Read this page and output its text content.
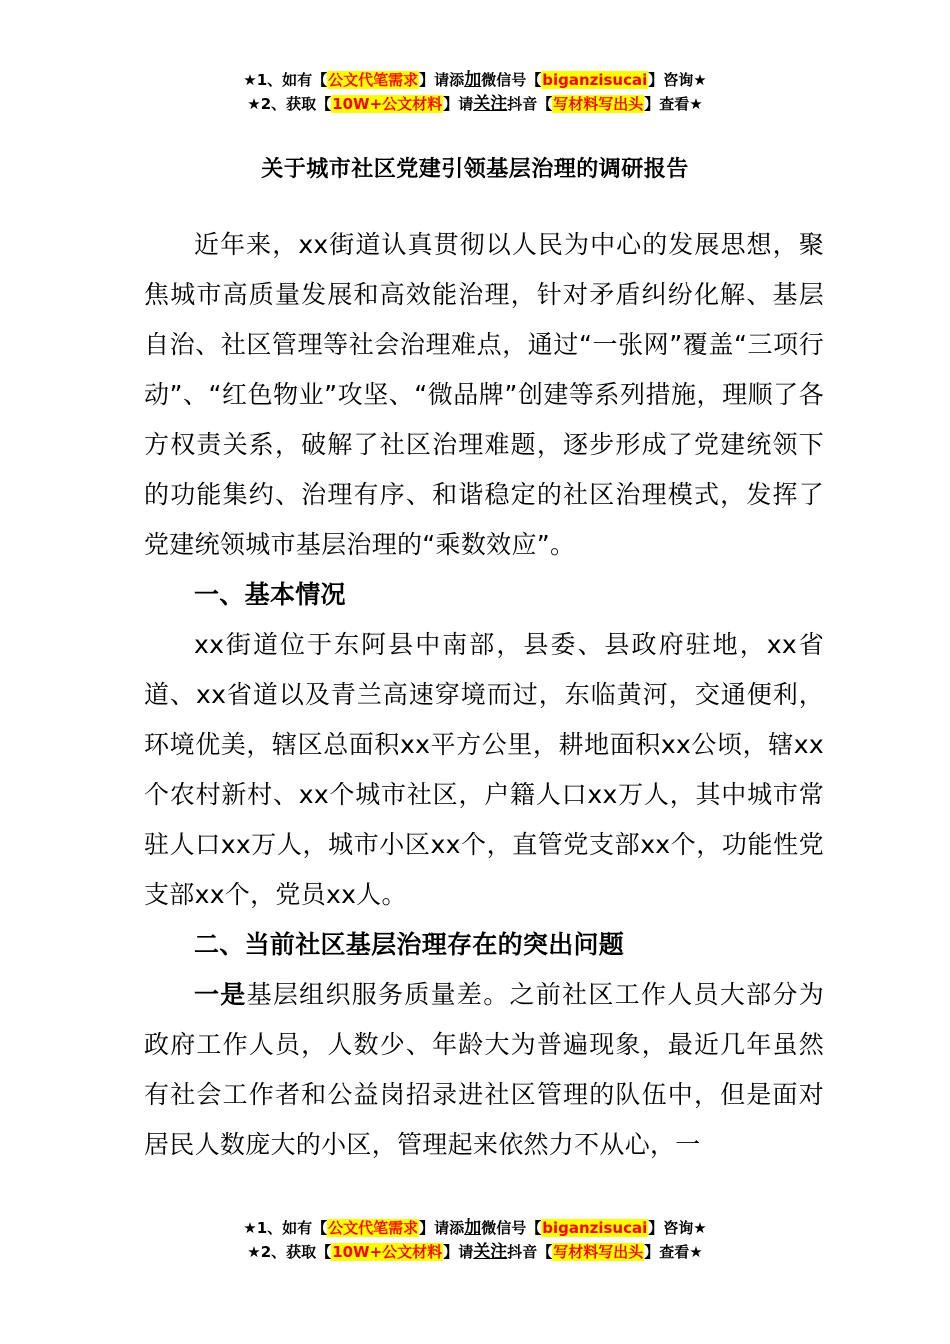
★1、如有【公文代笔需求】请添加微信号【biganzisucai】咨询★
★2、获取【10W+公文材料】请关注抖音【写材料写出头】查看★
关于城市社区党建引领基层治理的调研报告

近年来，xx街道认真贯彻以人民为中心的发展思想，聚焦城市高质量发展和高效能治理，针对矛盾纠纷化解、基层自治、社区管理等社会治理难点，通过“一张网”覆盖“三项行动”、“红色物业”攻坚、“微品牌”创建等系列措施，理顺了各方权责关系，破解了社区治理难题，逐步形成了党建统领下的功能集约、治理有序、和谐稳定的社区治理模式，发挥了党建统领城市基层治理的“乘数效应”。

一、基本情况

xx街道位于东阿县中南部，县委、县政府驻地，xx省道、xx省道以及青兰高速穿境而过，东临黄河，交通便利，环境优美，辖区总面积xx平方公里，耕地面积xx公顷，辖xx个农村新村、xx个城市社区，户籍人口xx万人，其中城市常驻人口xx万人，城市小区xx个，直管党支部xx个，功能性党支部xx个，党员xx人。

二、当前社区基层治理存在的突出问题

一是基层组织服务质量差。之前社区工作人员大部分为政府工作人员，人数少、年龄大为普遍现象，最近几年虽然有社会工作者和公益岗招录进社区管理的队伍中，但是面对居民人数庞大的小区，管理起来依然力不从心，一

★1、如有【公文代笔需求】请添加微信号【biganzisucai】咨询★
★2、获取【10W+公文材料】请关注抖音【写材料写出头】查看★
